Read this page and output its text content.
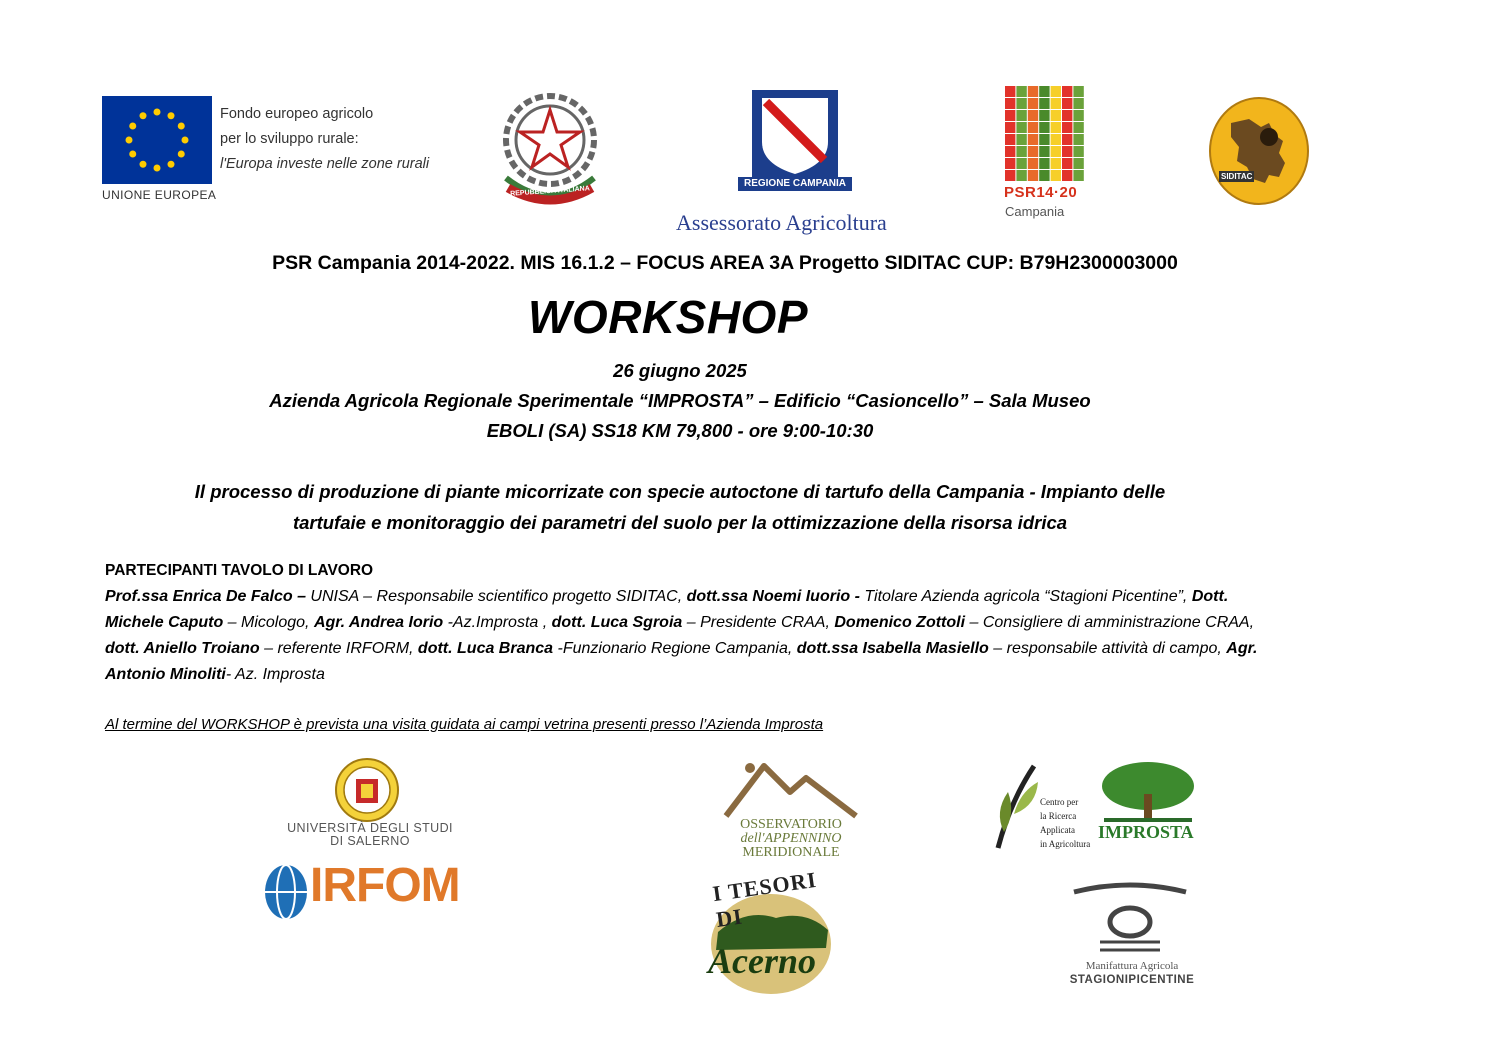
UNIONE EUROPEA
Fondo europeo agricolo
per lo sviluppo rurale:
l'Europa investe nelle zone rurali
REPUBBLICA ITALIANA
REGIONE CAMPANIA
Assessorato Agricoltura
PSR14·20
Campania
SIDITAC
PSR Campania 2014-2022. MIS 16.1.2 – FOCUS AREA 3A Progetto SIDITAC CUP: B79H2300003000
WORKSHOP
26 giugno 2025
Azienda Agricola Regionale Sperimentale “IMPROSTA” – Edificio “Casioncello” – Sala Museo
EBOLI (SA) SS18 KM 79,800 - ore 9:00-10:30
Il processo di produzione di piante micorrizate con specie autoctone di tartufo della Campania - Impianto delle
tartufaie e monitoraggio dei parametri del suolo per la ottimizzazione della risorsa idrica
PARTECIPANTI TAVOLO DI LAVORO
Prof.ssa Enrica De Falco – UNISA – Responsabile scientifico progetto SIDITAC, dott.ssa Noemi Iuorio - Titolare Azienda agricola “Stagioni Picentine”, Dott. Michele Caputo – Micologo, Agr. Andrea Iorio -Az.Improsta , dott. Luca Sgroia – Presidente CRAA, Domenico Zottoli – Consigliere di amministrazione CRAA, dott. Aniello Troiano – referente IRFORM, dott. Luca Branca -Funzionario Regione Campania, dott.ssa Isabella Masiello – responsabile attività di campo, Agr. Antonio Minoliti- Az. Improsta
Al termine del WORKSHOP è prevista una visita guidata ai campi vetrina presenti presso l’Azienda Improsta
UNIVERSITÀ DEGLI STUDI
DI SALERNO
IRFOM
OSSERVATORIO
dell'APPENNINO
MERIDIONALE
I TESORI DI
Acerno
Centro per
la Ricerca
Applicata
in Agricoltura
IMPROSTA
Manifattura Agricola
STAGIONIPICENTINE
